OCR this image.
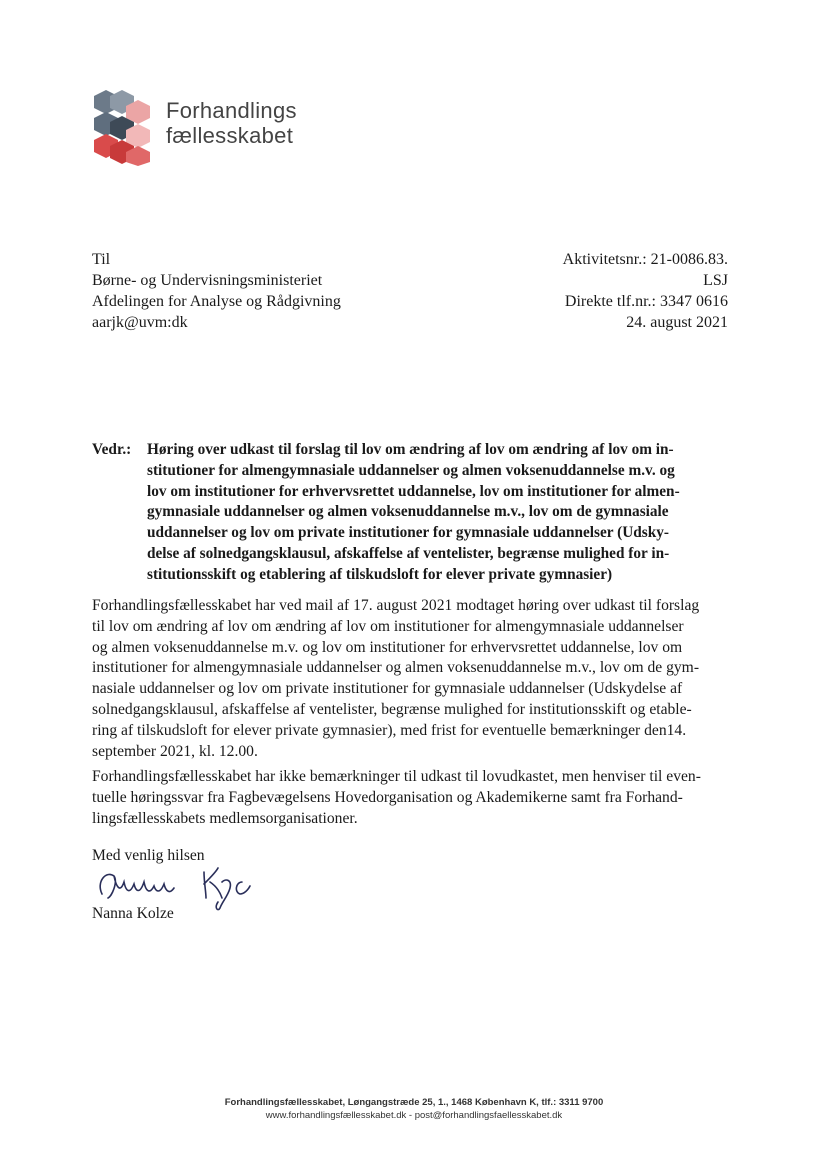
Forhandlings
fællesskabet
Til
Børne- og Undervisningsministeriet
Afdelingen for Analyse og Rådgivning
aarjk@uvm:dk
Aktivitetsnr.: 21-0086.83.
LSJ
Direkte tlf.nr.: 3347 0616
24. august 2021
Vedr.: Høring over udkast til forslag til lov om ændring af lov om ændring af lov om in-
stitutioner for almengymnasiale uddannelser og almen voksenuddannelse m.v. og
lov om institutioner for erhvervsrettet uddannelse, lov om institutioner for almen-
gymnasiale uddannelser og almen voksenuddannelse m.v., lov om de gymnasiale
uddannelser og lov om private institutioner for gymnasiale uddannelser (Udsky-
delse af solnedgangsklausul, afskaffelse af ventelister, begrænse mulighed for in-
stitutionsskift og etablering af tilskudsloft for elever private gymnasier)
Forhandlingsfællesskabet har ved mail af 17. august 2021 modtaget høring over udkast til forslag
til lov om ændring af lov om ændring af lov om institutioner for almengymnasiale uddannelser
og almen voksenuddannelse m.v. og lov om institutioner for erhvervsrettet uddannelse, lov om
institutioner for almengymnasiale uddannelser og almen voksenuddannelse m.v., lov om de gym-
nasiale uddannelser og lov om private institutioner for gymnasiale uddannelser (Udskydelse af
solnedgangsklausul, afskaffelse af ventelister, begrænse mulighed for institutionsskift og etable-
ring af tilskudsloft for elever private gymnasier), med frist for eventuelle bemærkninger den14.
september 2021, kl. 12.00.
Forhandlingsfællesskabet har ikke bemærkninger til udkast til lovudkastet, men henviser til even-
tuelle høringssvar fra Fagbevægelsens Hovedorganisation og Akademikerne samt fra Forhand-
lingsfællesskabets medlemsorganisationer.
Med venlig hilsen
Nanna Kolze
Forhandlingsfællesskabet, Løngangstræde 25, 1., 1468 København K, tlf.: 3311 9700
www.forhandlingsfællesskabet.dk - post@forhandlingsfaellesskabet.dk
